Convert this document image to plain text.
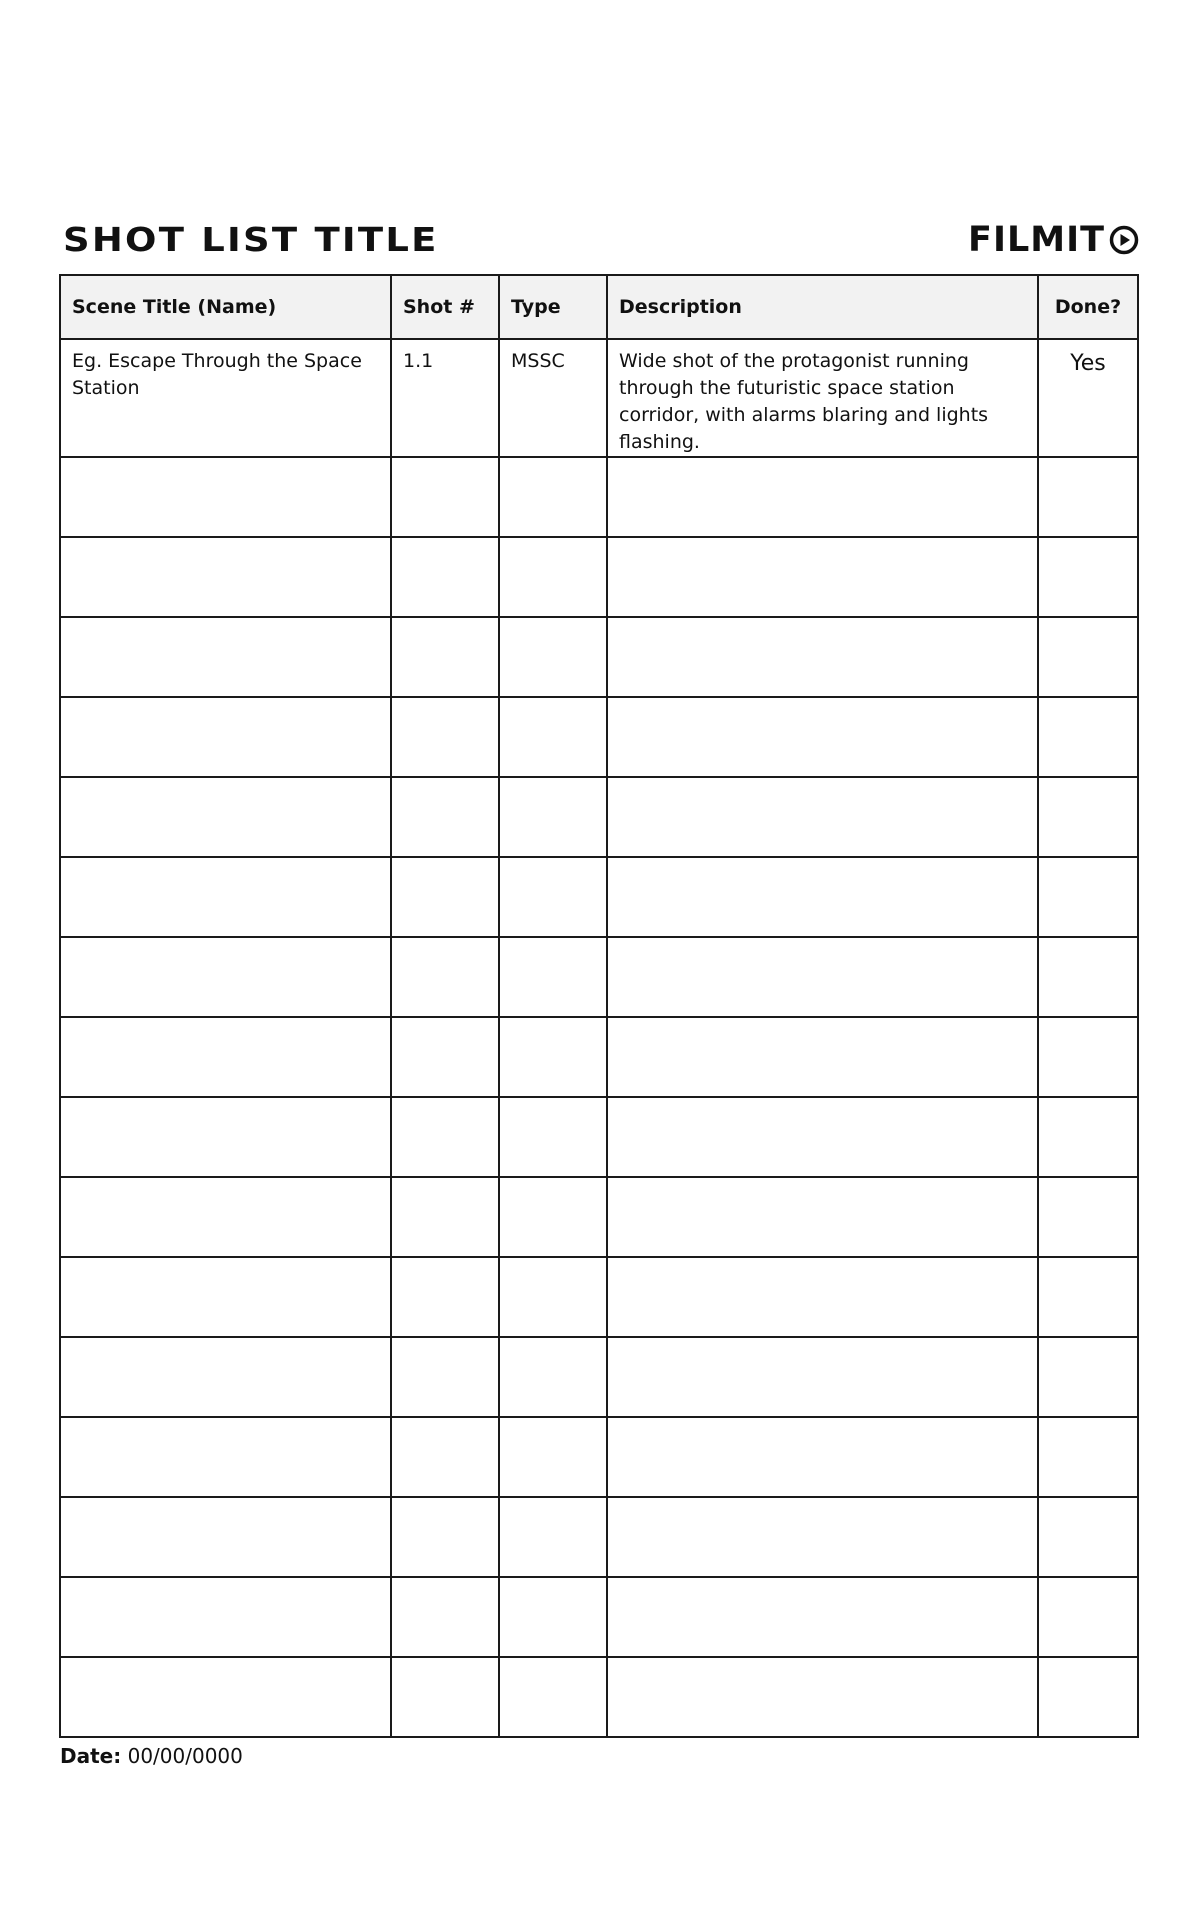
SHOT LIST TITLE	FILMIT
Scene Title (Name)	Shot #	Type	Description	Done?
Eg. Escape Through the Space Station	1.1	MSSC	Wide shot of the protagonist running through the futuristic space station corridor, with alarms blaring and lights flashing.	Yes

Date: 00/00/0000
